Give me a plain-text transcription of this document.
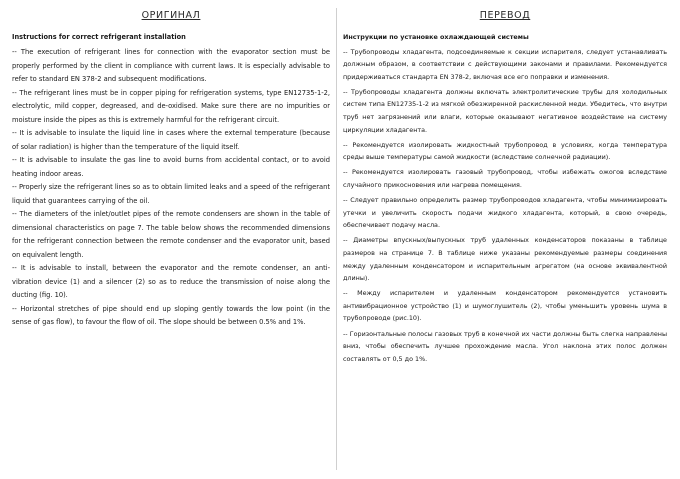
ОРИГИНАЛ
Instructions for correct refrigerant installation

-- The execution of refrigerant lines for connection with the evaporator section must be properly performed by the client in compliance with current laws. It is especially advisable to refer to standard EN 378-2 and subsequent modifications.

-- The refrigerant lines must be in copper piping for refrigeration systems, type EN12735-1-2, electrolytic, mild copper, degreased, and de-oxidised. Make sure there are no impurities or moisture inside the pipes as this is extremely harmful for the refrigerant circuit.

-- It is advisable to insulate the liquid line in cases where the external temperature (because of solar radiation) is higher than the temperature of the liquid itself.

-- It is advisable to insulate the gas line to avoid burns from accidental contact, or to avoid heating indoor areas.

-- Properly size the refrigerant lines so as to obtain limited leaks and a speed of the refrigerant liquid that guarantees carrying of the oil.

-- The diameters of the inlet/outlet pipes of the remote condensers are shown in the table of dimensional characteristics on page 7. The table below shows the recommended dimensions for the refrigerant connection between the remote condenser and the evaporator unit, based on equivalent length.

-- It is advisable to install, between the evaporator and the remote condenser, an anti-vibration device (1) and a silencer (2) so as to reduce the transmission of noise along the ducting (fig. 10).

-- Horizontal stretches of pipe should end up sloping gently towards the low point (in the sense of gas flow), to favour the flow of oil. The slope should be between 0.5% and 1%.

ПЕРЕВОД
Инструкции по установке охлаждающей системы

-- Трубопроводы хладагента, подсоединяемые к секции испарителя, следует устанавливать должным образом, в соответствии с действующими законами и правилами. Рекомендуется придерживаться стандарта EN 378-2, включая все его поправки и изменения.

-- Трубопроводы хладагента должны включать электролитические трубы для холодильных систем типа EN12735-1-2 из мягкой обезжиренной раскисленной меди. Убедитесь, что внутри труб нет загрязнений или влаги, которые оказывают негативное воздействие на систему циркуляции хладагента.

-- Рекомендуется изолировать жидкостный трубопровод в условиях, когда температура среды выше температуры самой жидкости (вследствие солнечной радиации).

-- Рекомендуется изолировать газовый трубопровод, чтобы избежать ожогов вследствие случайного прикосновения или нагрева помещения.

-- Следует правильно определить размер трубопроводов хладагента, чтобы минимизировать утечки и увеличить скорость подачи жидкого хладагента, который, в свою очередь, обеспечивает подачу масла.

-- Диаметры впускных/выпускных труб удаленных конденсаторов показаны в таблице размеров на странице 7. В таблице ниже указаны рекомендуемые размеры соединения между удаленным конденсатором и испарительным агрегатом (на основе эквивалентной длины).

-- Между испарителем и удаленным конденсатором рекомендуется установить антивибрационное устройство (1) и шумоглушитель (2), чтобы уменьшить уровень шума в трубопроводе (рис.10).

-- Горизонтальные полосы газовых труб в конечной их части должны быть слегка направлены вниз, чтобы обеспечить лучшее прохождение масла. Угол наклона этих полос должен составлять от 0,5 до 1%.
